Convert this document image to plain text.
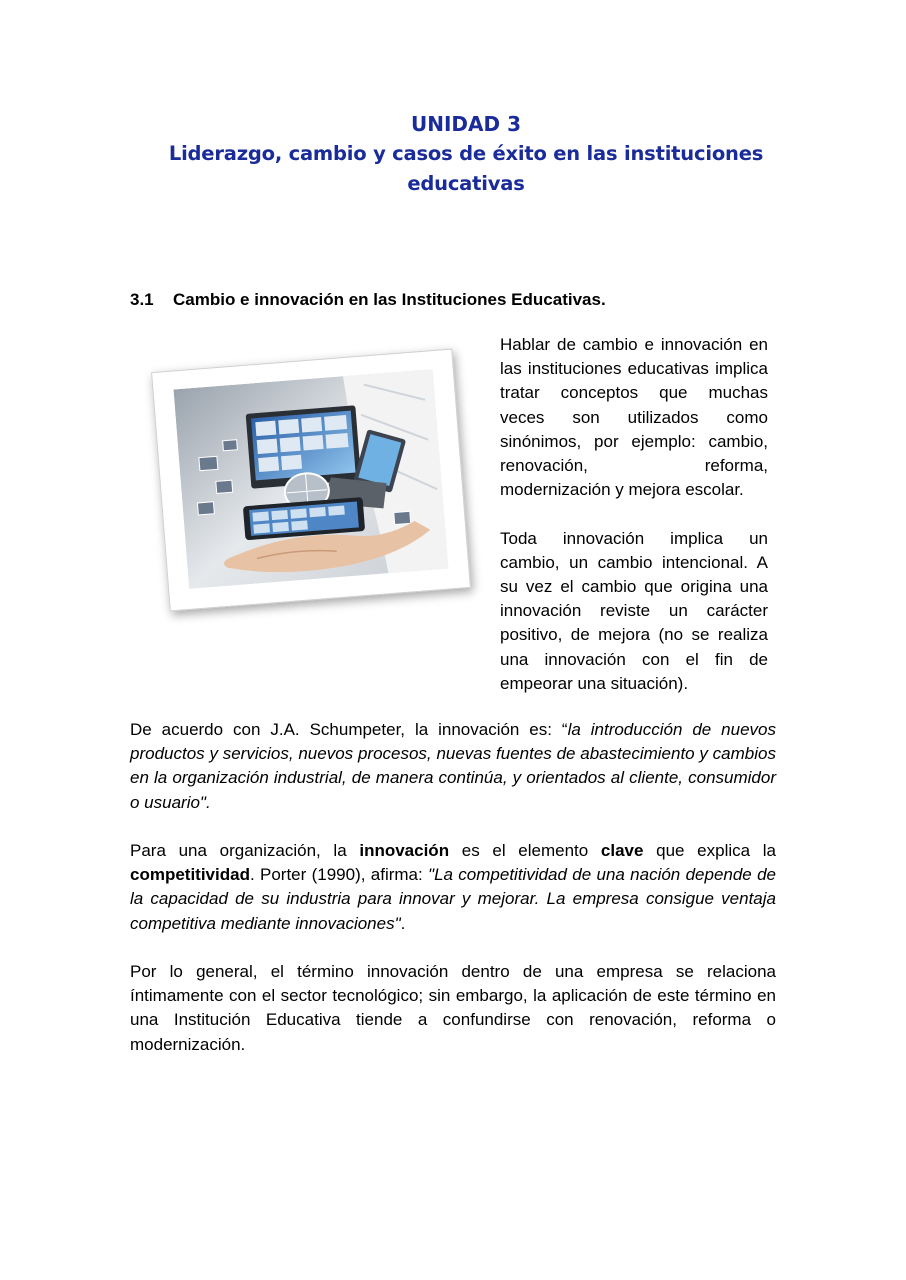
UNIDAD 3
Liderazgo, cambio y casos de éxito en las instituciones
educativas
3.1 Cambio e innovación en las Instituciones Educativas.

Hablar de cambio e innovación en las instituciones educativas implica tratar conceptos que muchas veces son utilizados como sinónimos, por ejemplo: cambio, renovación, reforma, modernización y mejora escolar.

Toda innovación implica un cambio, un cambio intencional. A su vez el cambio que origina una innovación reviste un carácter positivo, de mejora (no se realiza una innovación con el fin de empeorar una situación).

De acuerdo con J.A. Schumpeter, la innovación es: “la introducción de nuevos productos y servicios, nuevos procesos, nuevas fuentes de abastecimiento y cambios en la organización industrial, de manera continúa, y orientados al cliente, consumidor o usuario".

Para una organización, la innovación es el elemento clave que explica la competitividad. Porter (1990), afirma: "La competitividad de una nación depende de la capacidad de su industria para innovar y mejorar. La empresa consigue ventaja competitiva mediante innovaciones".

Por lo general, el término innovación dentro de una empresa se relaciona íntimamente con el sector tecnológico; sin embargo, la aplicación de este término en una Institución Educativa tiende a confundirse con renovación, reforma o modernización.
